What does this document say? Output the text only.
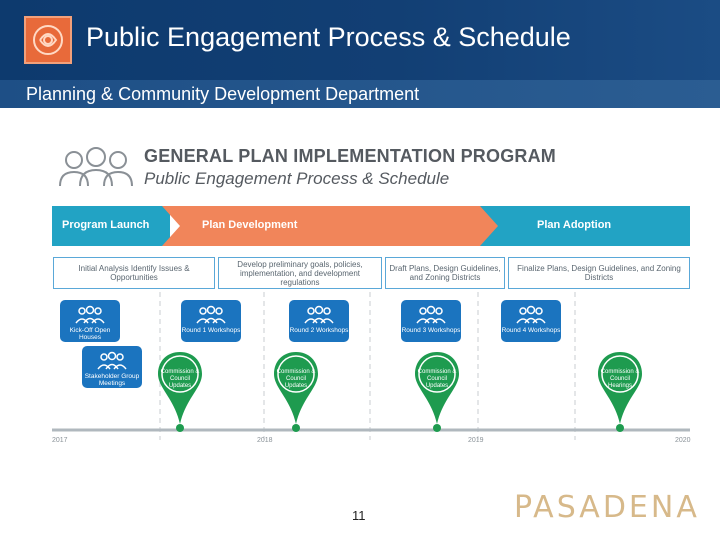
Public Engagement Process & Schedule
Planning & Community Development Department
GENERAL PLAN IMPLEMENTATION PROGRAM
Public Engagement Process & Schedule
Program Launch	Plan Development	Plan Adoption
Initial Analysis Identify Issues & Opportunities
Develop preliminary goals, policies, implementation, and development regulations
Draft Plans, Design Guidelines, and Zoning Districts
Finalize Plans, Design Guidelines, and Zoning Districts
Kick-Off Open Houses
Stakeholder Group Meetings
Round 1 Workshops	Round 2 Workshops	Round 3 Workshops	Round 4 Workshops
Commission & Council Updates
Commission & Council Updates
Commission & Council Updates
Commission & Council Hearings
2017	2018	2019	2020
PASADENA
11
